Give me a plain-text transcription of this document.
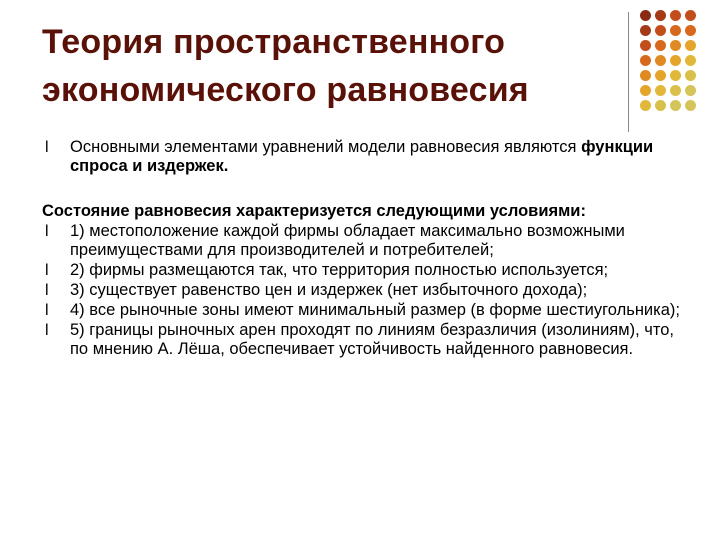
Теория пространственного экономического равновесия
l Основными элементами уравнений модели равновесия являются функции спроса и издержек.
Состояние равновесия характеризуется следующими условиями:
l 1) местоположение каждой фирмы обладает максимально возможными преимуществами для производителей и потребителей;
l 2) фирмы размещаются так, что территория полностью используется;
l 3) существует равенство цен и издержек (нет избыточного дохода);
l 4) все рыночные зоны имеют минимальный размер (в форме шестиугольника);
l 5) границы рыночных арен проходят по линиям безразличия (изолиниям), что, по мнению А. Лёша, обеспечивает устойчивость найденного равновесия.
